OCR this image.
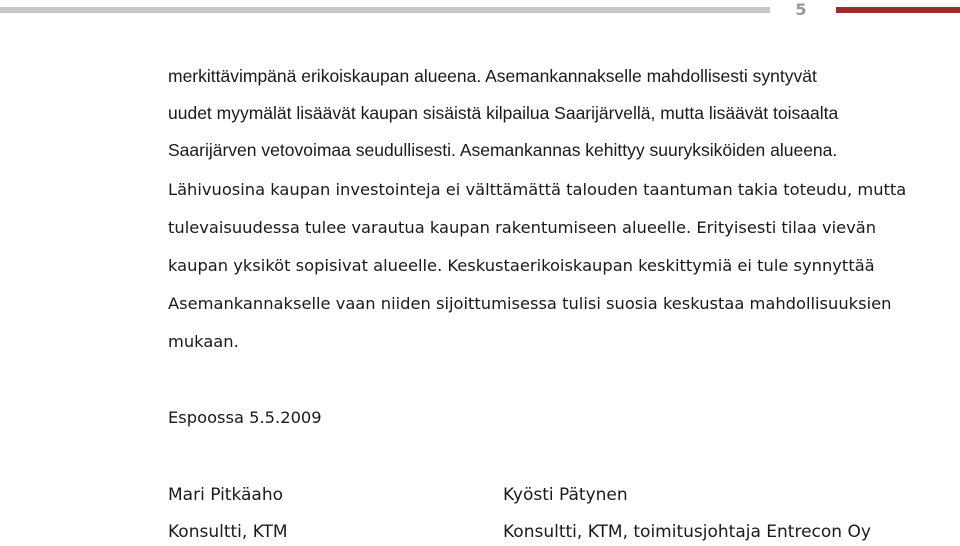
5
merkittävimpänä erikoiskaupan alueena. Asemankannakselle mahdollisesti syntyvät
uudet myymälät lisäävät kaupan sisäistä kilpailua Saarijärvellä, mutta lisäävät toisaalta
Saarijärven vetovoimaa seudullisesti. Asemankannas kehittyy suuryksiköiden alueena.
Lähivuosina kaupan investointeja ei välttämättä talouden taantuman takia toteudu, mutta
tulevaisuudessa tulee varautua kaupan rakentumiseen alueelle. Erityisesti tilaa vievän
kaupan yksiköt sopisivat alueelle. Keskustaerikoiskaupan keskittymiä ei tule synnyttää
Asemankannakselle vaan niiden sijoittumisessa tulisi suosia keskustaa mahdollisuuksien
mukaan.
Espoossa 5.5.2009
Mari Pitkäaho
Konsultti, KTM
Kyösti Pätynen
Konsultti, KTM, toimitusjohtaja Entrecon Oy
